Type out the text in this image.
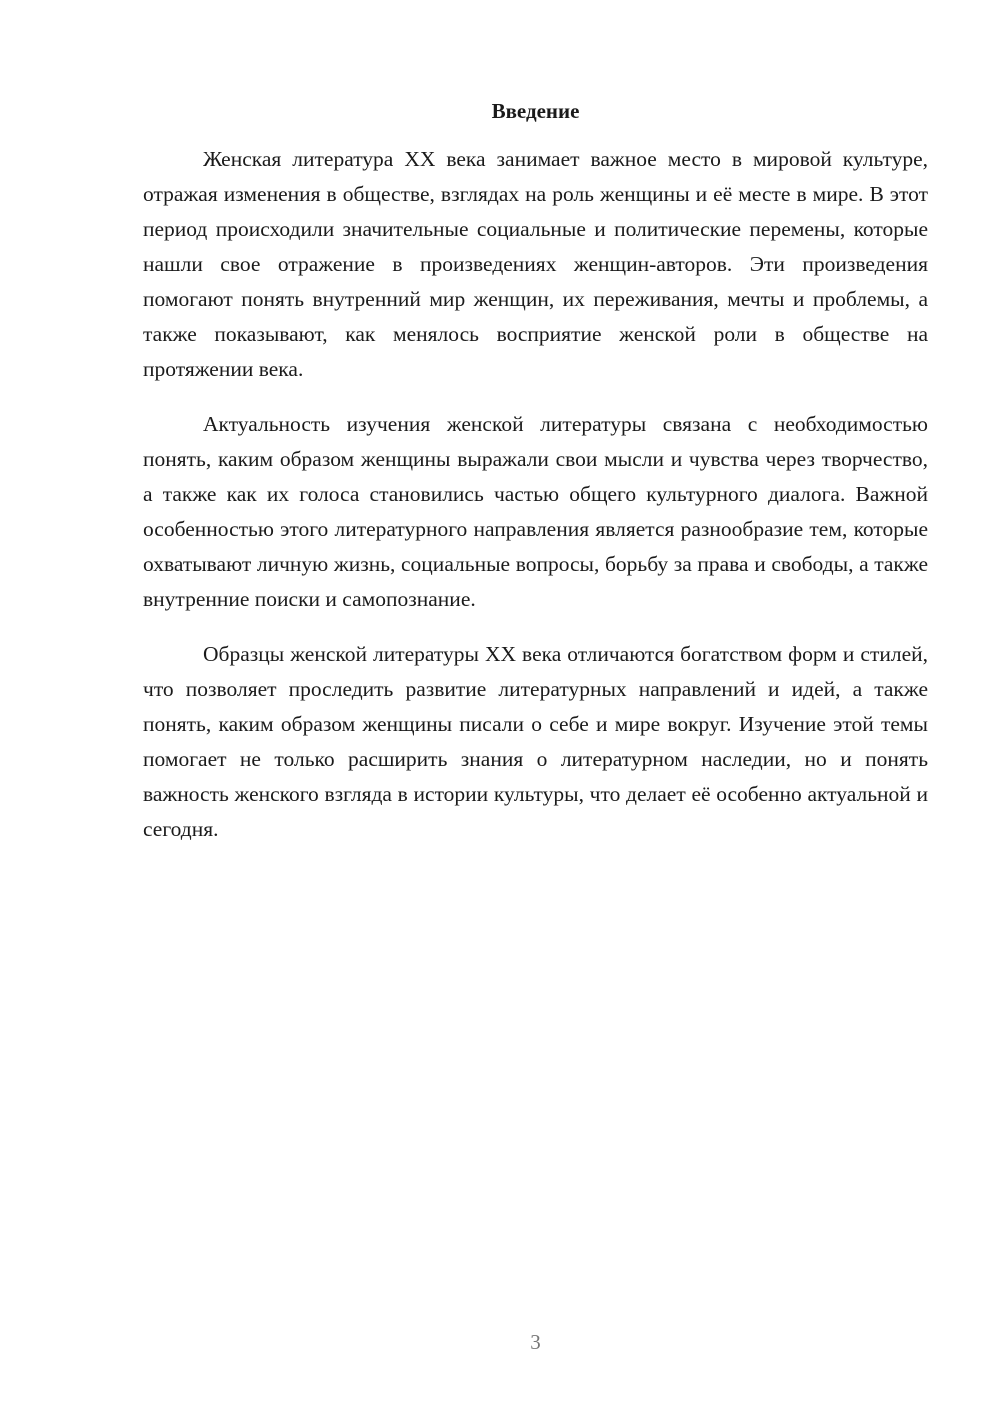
Введение

Женская литература XX века занимает важное место в мировой культуре, отражая изменения в обществе, взглядах на роль женщины и её месте в мире. В этот период происходили значительные социальные и политические перемены, которые нашли свое отражение в произведениях женщин-авторов. Эти произведения помогают понять внутренний мир женщин, их переживания, мечты и проблемы, а также показывают, как менялось восприятие женской роли в обществе на протяжении века.

Актуальность изучения женской литературы связана с необходимостью понять, каким образом женщины выражали свои мысли и чувства через творчество, а также как их голоса становились частью общего культурного диалога. Важной особенностью этого литературного направления является разнообразие тем, которые охватывают личную жизнь, социальные вопросы, борьбу за права и свободы, а также внутренние поиски и самопознание.

Образцы женской литературы XX века отличаются богатством форм и стилей, что позволяет проследить развитие литературных направлений и идей, а также понять, каким образом женщины писали о себе и мире вокруг. Изучение этой темы помогает не только расширить знания о литературном наследии, но и понять важность женского взгляда в истории культуры, что делает её особенно актуальной и сегодня.

3
